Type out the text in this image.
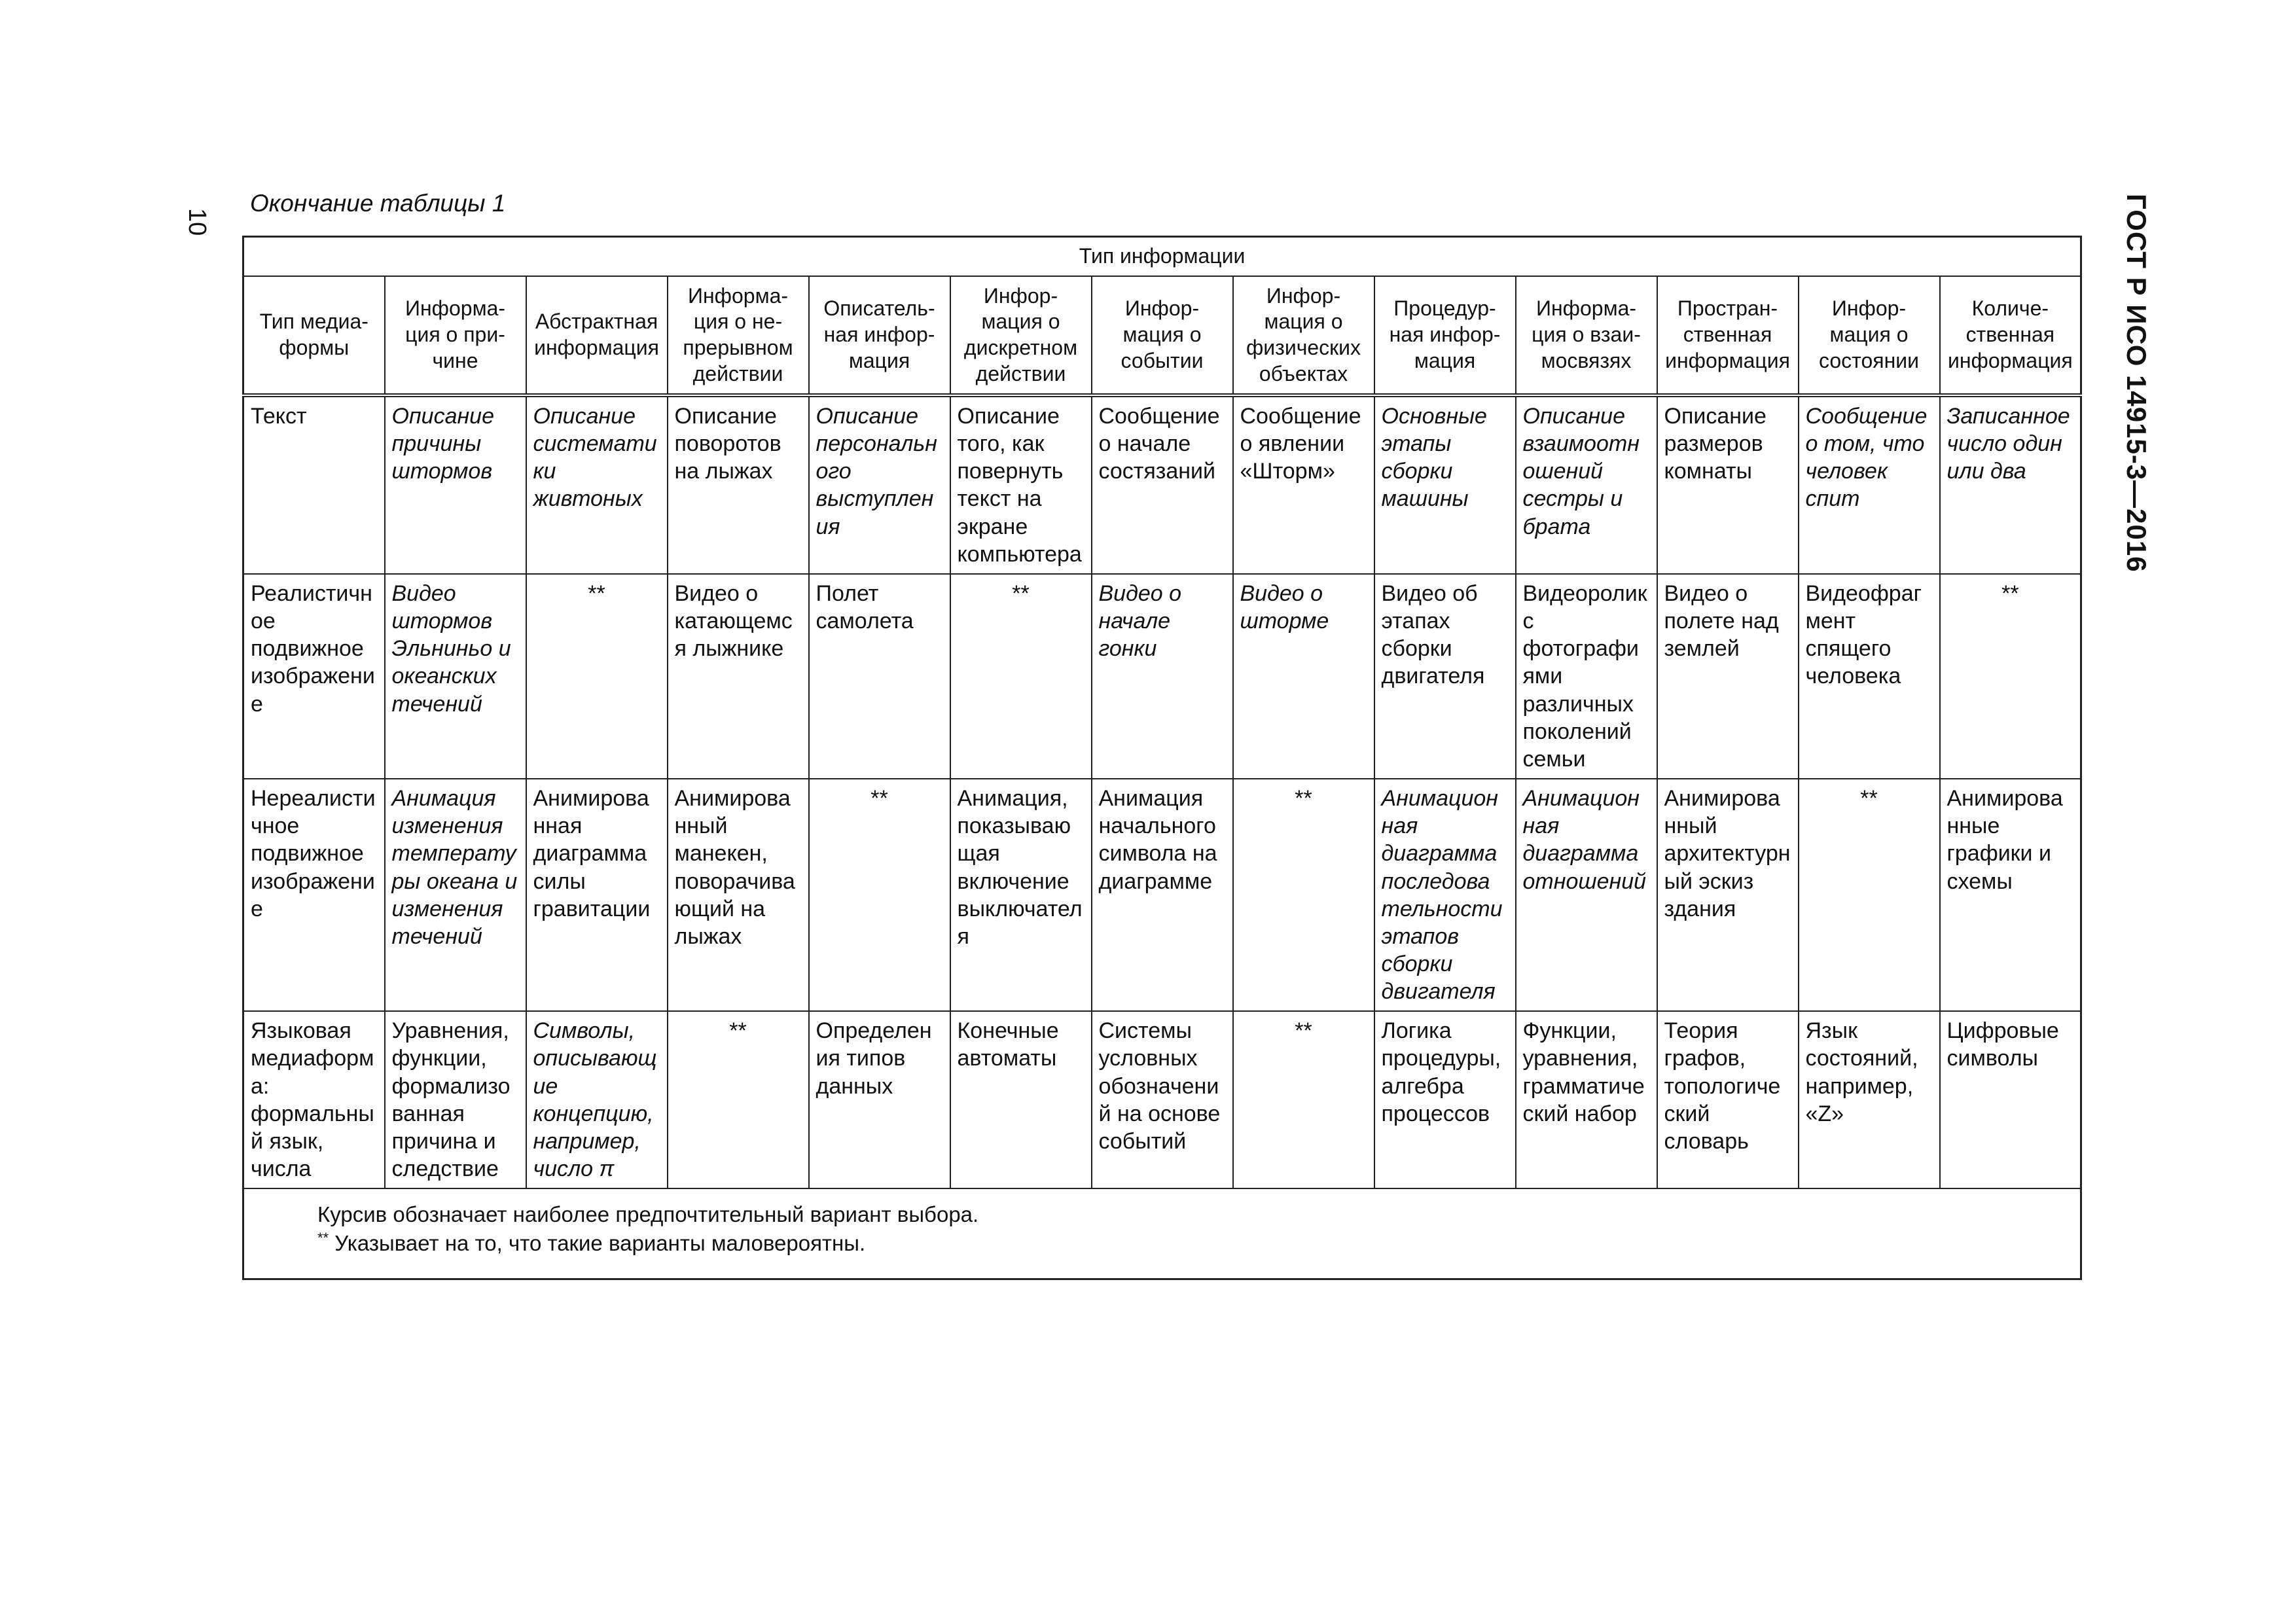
10	ГОСТ Р ИСО 14915-3—2016
Окончание таблицы 1
Тип информации												
Тип медиа-формы	Информа-ция о при-чине	Абстрактная информация	Информа-ция о не-прерывном действии	Описатель-ная инфор-мация	Инфор-мация о дискретном действии	Инфор-мация о событии	Инфор-мация о физических объектах	Процедур-ная инфор-мация	Информа-ция о взаи-мосвязях	Простран-ственная информация	Инфор-мация о состоянии	Количе-ственная информация
Текст	Описание причины штормов	Описание систематики живтоных	Описание поворотов на лыжах	Описание персонального выступления	Описание того, как повернуть текст на экране компьютера	Сообщение о начале состязаний	Сообщение о явлении «Шторм»	Основные этапы сборки машины	Описание взаимоотношений сестры и брата	Описание размеров комнаты	Сообщение о том, что человек спит	Записанное число один или два
Реалистичное подвижное изображение	Видео штормов Эльниньо и океанских течений	**	Видео о катающемся лыжнике	Полет самолета	**	Видео о начале гонки	Видео о шторме	Видео об этапах сборки двигателя	Видеоролик с фотографиями различных поколений семьи	Видео о полете над землей	Видеофрагмент спящего человека	**
Нереалистичное подвижное изображение	Анимация изменения температуры океана и изменения течений	Анимированная диаграмма силы гравитации	Анимированный манекен, поворачивающий на лыжах	**	Анимация, показывающая включение выключателя	Анимация начального символа на диаграмме	**	Анимационная диаграмма последовательности этапов сборки двигателя	Анимационная диаграмма отношений	Анимированный архитектурный эскиз здания	**	Анимированные графики и схемы
Языковая медиаформа: формальный язык, числа	Уравнения, функции, формализованная причина и следствие	Символы, описывающие концепцию, например, число π	**	Определения типов данных	Конечные автоматы	Системы условных обозначений на основе событий	**	Логика процедуры, алгебра процессов	Функции, уравнения, грамматический набор	Теория графов, топологический словарь	Язык состояний, например, «Z»	Цифровые символы

Курсив обозначает наиболее предпочтительный вариант выбора.
** Указывает на то, что такие варианты маловероятны.												
